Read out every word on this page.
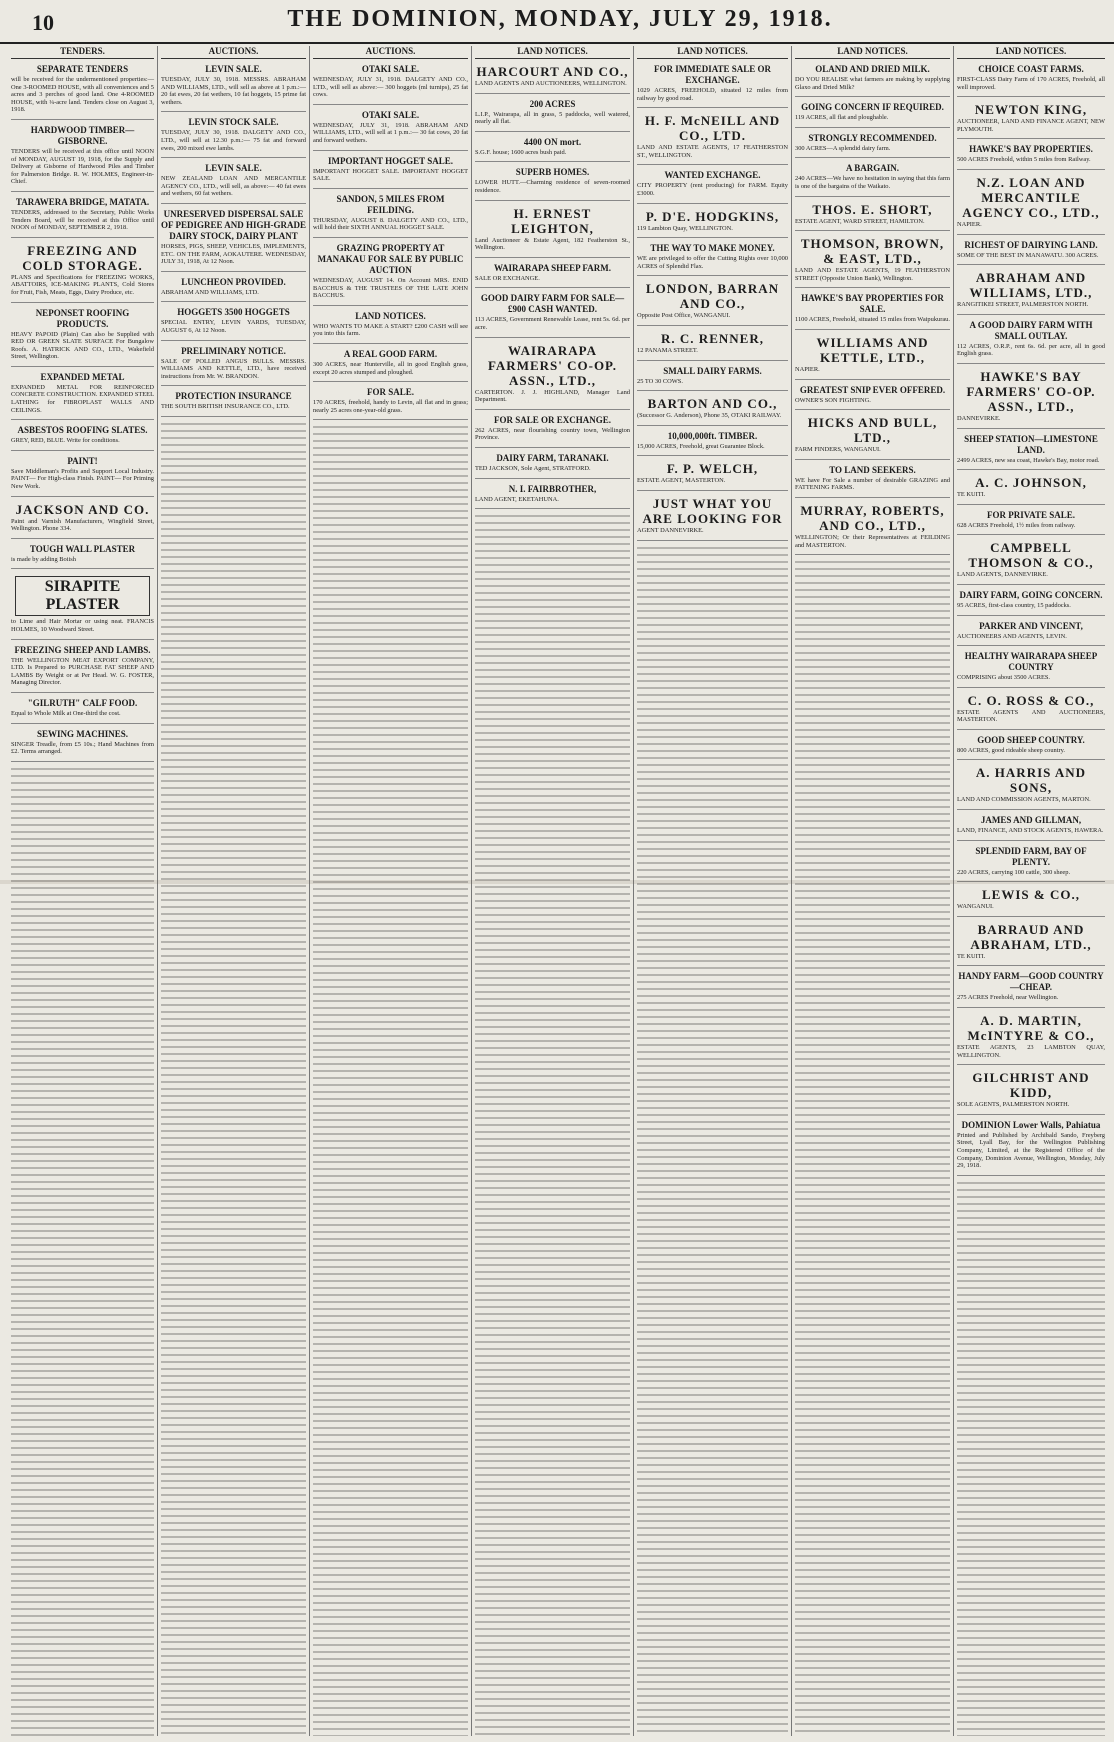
10	THE DOMINION, MONDAY, JULY 29, 1918.
TENDERS.
SEPARATE TENDERS
will be received for the undermentioned properties:— One 3-ROOMED HOUSE, with all conveniences and 5 acres and 3 perches of good land. One 4-ROOMED HOUSE, with ¼-acre land. Tenders close on August 3, 1918.
HARDWOOD TIMBER—GISBORNE.
TENDERS will be received at this office until NOON of MONDAY, AUGUST 19, 1918, for the Supply and Delivery at Gisborne of Hardwood Piles and Timber for Palmerston Bridge. R. W. HOLMES, Engineer-in-Chief.
TARAWERA BRIDGE, MATATA.
TENDERS, addressed to the Secretary, Public Works Tenders Board, will be received at this Office until NOON of MONDAY, SEPTEMBER 2, 1918.
FREEZING AND COLD STORAGE.
PLANS and Specifications for FREEZING WORKS, ABATTOIRS, ICE-MAKING PLANTS, Cold Stores for Fruit, Fish, Meats, Eggs, Dairy Produce, etc.
NEPONSET ROOFING PRODUCTS.
HEAVY PAPOID (Plain) Can also be Supplied with RED OR GREEN SLATE SURFACE For Bungalow Roofs. A. HATRICK AND CO., LTD., Wakefield Street, Wellington.
EXPANDED METAL
EXPANDED METAL FOR REINFORCED CONCRETE CONSTRUCTION. EXPANDED STEEL LATHING for FIBROPLAST WALLS AND CEILINGS.
ASBESTOS ROOFING SLATES.
GREY, RED, BLUE. Write for conditions.
PAINT!
Save Middleman's Profits and Support Local Industry. PAINT— For High-class Finish. PAINT— For Priming New Work.
JACKSON AND CO.
Paint and Varnish Manufacturers, Wingfield Street, Wellington. Phone 334.
TOUGH WALL PLASTER
is made by adding Boiish
SIRAPITE PLASTER
to Lime and Hair Mortar or using neat. FRANCIS HOLMES, 10 Woodward Street.
FREEZING SHEEP AND LAMBS.
THE WELLINGTON MEAT EXPORT COMPANY, LTD. Is Prepared to PURCHASE FAT SHEEP AND LAMBS By Weight or at Per Head. W. G. FOSTER, Managing Director.
"GILRUTH" CALF FOOD.
Equal to Whole Milk at One-third the cost.
SEWING MACHINES.
SINGER Treadle, from £5 10s.; Hand Machines from £2. Terms arranged.
AUCTIONS.
LEVIN SALE.
TUESDAY, JULY 30, 1918. MESSRS. ABRAHAM AND WILLIAMS, LTD., will sell as above at 1 p.m.:— 20 fat ewes, 20 fat wethers, 10 fat hoggets, 15 prime fat wethers.
LEVIN STOCK SALE.
TUESDAY, JULY 30, 1918. DALGETY AND CO., LTD., will sell at 12.30 p.m.:— 75 fat and forward ewes, 200 mixed ewe lambs.
LEVIN SALE.
NEW ZEALAND LOAN AND MERCANTILE AGENCY CO., LTD., will sell, as above:— 40 fat ewes and wethers, 60 fat wethers.
UNRESERVED DISPERSAL SALE OF PEDIGREE AND HIGH-GRADE DAIRY STOCK, DAIRY PLANT
HORSES, PIGS, SHEEP, VEHICLES, IMPLEMENTS, ETC. ON THE FARM, AOKAUTERE. WEDNESDAY, JULY 31, 1918, At 12 Noon.
LUNCHEON PROVIDED.
ABRAHAM AND WILLIAMS, LTD.
HOGGETS 3500 HOGGETS
SPECIAL ENTRY, LEVIN YARDS, TUESDAY, AUGUST 6, At 12 Noon.
PRELIMINARY NOTICE.
SALE OF POLLED ANGUS BULLS. MESSRS. WILLIAMS AND KETTLE, LTD., have received instructions from Mr. W. BRANDON.
PROTECTION INSURANCE
THE SOUTH BRITISH INSURANCE CO., LTD.
AUCTIONS.
OTAKI SALE.
WEDNESDAY, JULY 31, 1918. DALGETY AND CO., LTD., will sell as above:— 300 hoggets (ml turnips), 25 fat cows.
OTAKI SALE.
WEDNESDAY, JULY 31, 1918. ABRAHAM AND WILLIAMS, LTD., will sell at 1 p.m.:— 30 fat cows, 20 fat and forward wethers.
IMPORTANT HOGGET SALE.
IMPORTANT HOGGET SALE. IMPORTANT HOGGET SALE.
SANDON, 5 MILES FROM FEILDING.
THURSDAY, AUGUST 8. DALGETY AND CO., LTD., will hold their SIXTH ANNUAL HOGGET SALE.
GRAZING PROPERTY AT MANAKAU FOR SALE BY PUBLIC AUCTION
WEDNESDAY, AUGUST 14. On Account MRS. ENID BACCHUS & THE TRUSTEES OF THE LATE JOHN BACCHUS.
LAND NOTICES.
WHO WANTS TO MAKE A START? £200 CASH will see you into this farm.
A REAL GOOD FARM.
300 ACRES, near Hunterville, all in good English grass, except 20 acres stumped and ploughed.
FOR SALE.
170 ACRES, freehold, handy to Levin, all flat and in grass; nearly 25 acres one-year-old grass.
LAND NOTICES.
HARCOURT AND CO.,
LAND AGENTS AND AUCTIONEERS, WELLINGTON.
200 ACRES
L.I.P., Wairarapa, all in grass, 5 paddocks, well watered, nearly all flat.
4400 ON mort.
S.G.F. house; 1600 acres bush paid.
SUPERB HOMES.
LOWER HUTT.—Charming residence of seven-roomed residence.
H. ERNEST LEIGHTON,
Land Auctioneer & Estate Agent, 182 Featherston St., Wellington.
WAIRARAPA SHEEP FARM.
SALE OR EXCHANGE.
GOOD DAIRY FARM FOR SALE—£900 CASH WANTED.
113 ACRES, Government Renewable Lease, rent 5s. 6d. per acre.
WAIRARAPA FARMERS' CO-OP. ASSN., LTD.,
CARTERTON. J. J. HIGHLAND, Manager Land Department.
FOR SALE OR EXCHANGE.
262 ACRES, near flourishing country town, Wellington Province.
DAIRY FARM, TARANAKI.
TED JACKSON, Sole Agent, STRATFORD.
N. I. FAIRBROTHER,
LAND AGENT, EKETAHUNA.
LAND NOTICES.
FOR IMMEDIATE SALE OR EXCHANGE.
1029 ACRES, FREEHOLD, situated 12 miles from railway by good road.
H. F. McNEILL AND CO., LTD.
LAND AND ESTATE AGENTS, 17 FEATHERSTON ST., WELLINGTON.
WANTED EXCHANGE.
CITY PROPERTY (rent producing) for FARM. Equity £3000.
P. D'E. HODGKINS,
119 Lambton Quay, WELLINGTON.
THE WAY TO MAKE MONEY.
WE are privileged to offer the Cutting Rights over 10,000 ACRES of Splendid Flax.
LONDON, BARRAN AND CO.,
Opposite Post Office, WANGANUI.
R. C. RENNER,
12 PANAMA STREET.
SMALL DAIRY FARMS.
25 TO 30 COWS.
BARTON AND CO.,
(Successor G. Anderson), Phone 35, OTAKI RAILWAY.
10,000,000ft. TIMBER.
15,000 ACRES, Freehold, great Guarantee Block.
F. P. WELCH,
ESTATE AGENT, MASTERTON.
JUST WHAT YOU ARE LOOKING FOR
AGENT DANNEVIRKE.
LAND NOTICES.
OLAND AND DRIED MILK.
DO YOU REALISE what farmers are making by supplying Glaxo and Dried Milk?
GOING CONCERN IF REQUIRED.
119 ACRES, all flat and ploughable.
STRONGLY RECOMMENDED.
300 ACRES—A splendid dairy farm.
A BARGAIN.
240 ACRES—We have no hesitation in saying that this farm is one of the bargains of the Waikato.
THOS. E. SHORT,
ESTATE AGENT, WARD STREET, HAMILTON.
THOMSON, BROWN, & EAST, LTD.,
LAND AND ESTATE AGENTS, 19 FEATHERSTON STREET (Opposite Union Bank), Wellington.
HAWKE'S BAY PROPERTIES FOR SALE.
1100 ACRES, Freehold, situated 15 miles from Waipukurau.
WILLIAMS AND KETTLE, LTD.,
NAPIER.
GREATEST SNIP EVER OFFERED.
OWNER'S SON FIGHTING.
HICKS AND BULL, LTD.,
FARM FINDERS, WANGANUI.
TO LAND SEEKERS.
WE have For Sale a number of desirable GRAZING and FATTENING FARMS.
MURRAY, ROBERTS, AND CO., LTD.,
WELLINGTON; Or their Representatives at FEILDING and MASTERTON.
LAND NOTICES.
CHOICE COAST FARMS.
FIRST-CLASS Dairy Farm of 170 ACRES, Freehold, all well improved.
NEWTON KING,
AUCTIONEER, LAND AND FINANCE AGENT, NEW PLYMOUTH.
HAWKE'S BAY PROPERTIES.
500 ACRES Freehold, within 5 miles from Railway.
N.Z. LOAN AND MERCANTILE AGENCY CO., LTD.,
NAPIER.
RICHEST OF DAIRYING LAND.
SOME OF THE BEST IN MANAWATU. 300 ACRES.
ABRAHAM AND WILLIAMS, LTD.,
RANGITIKEI STREET, PALMERSTON NORTH.
A GOOD DAIRY FARM WITH SMALL OUTLAY.
112 ACRES, O.R.P., rent 6s. 6d. per acre, all in good English grass.
HAWKE'S BAY FARMERS' CO-OP. ASSN., LTD.,
DANNEVIRKE.
SHEEP STATION—LIMESTONE LAND.
2499 ACRES, new sea coast, Hawke's Bay, motor road.
A. C. JOHNSON,
TE KUITI.
FOR PRIVATE SALE.
628 ACRES Freehold, 1½ miles from railway.
CAMPBELL THOMSON & CO.,
LAND AGENTS, DANNEVIRKE.
DAIRY FARM, GOING CONCERN.
95 ACRES, first-class country, 15 paddocks.
PARKER AND VINCENT,
AUCTIONEERS AND AGENTS, LEVIN.
HEALTHY WAIRARAPA SHEEP COUNTRY
COMPRISING about 3500 ACRES.
C. O. ROSS & CO.,
ESTATE AGENTS AND AUCTIONEERS, MASTERTON.
GOOD SHEEP COUNTRY.
800 ACRES, good rideable sheep country.
A. HARRIS AND SONS,
LAND AND COMMISSION AGENTS, MARTON.
JAMES AND GILLMAN,
LAND, FINANCE, AND STOCK AGENTS, HAWERA.
SPLENDID FARM, BAY OF PLENTY.
220 ACRES, carrying 100 cattle, 300 sheep.
LEWIS & CO.,
WANGANUI.
BARRAUD AND ABRAHAM, LTD.,
TE KUITI.
HANDY FARM—GOOD COUNTRY—CHEAP.
275 ACRES Freehold, near Wellington.
A. D. MARTIN, McINTYRE & CO.,
ESTATE AGENTS, 23 LAMBTON QUAY, WELLINGTON.
GILCHRIST AND KIDD,
SOLE AGENTS, PALMERSTON NORTH.
DOMINION Lower Walls, Pahiatua
Printed and Published by Archibald Sando, Freyberg Street, Lyall Bay, for the Wellington Publishing Company, Limited, at the Registered Office of the Company, Dominion Avenue, Wellington, Monday, July 29, 1918.
